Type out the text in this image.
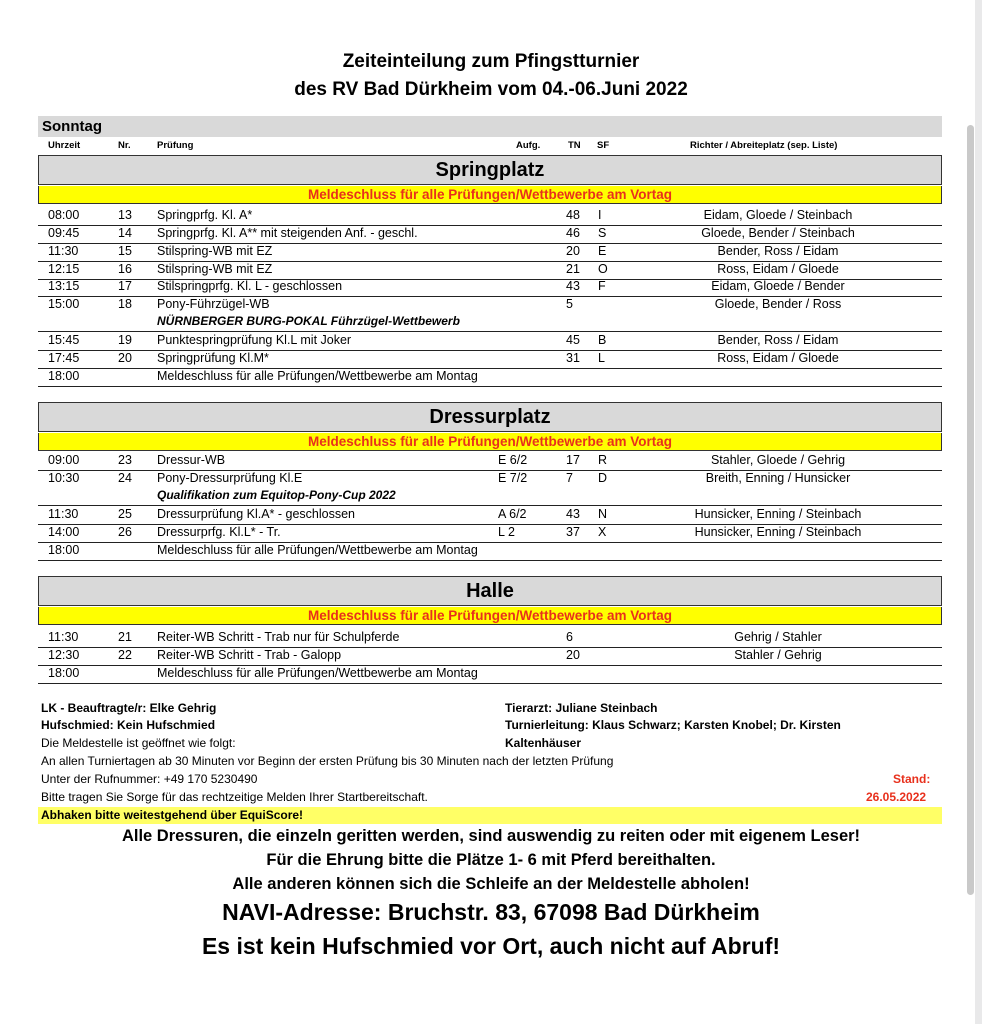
Zeiteinteilung zum Pfingstturnier
des RV Bad Dürkheim vom 04.-06.Juni 2022
Sonntag
Uhrzeit	Nr.	Prüfung	Aufg.	TN SF	Richter / Abreiteplatz (sep. Liste)
Springplatz
Meldeschluss für alle Prüfungen/Wettbewerbe am Vortag
08:00	13 Springprfg. Kl. A*	48 I	Eidam, Gloede / Steinbach
09:45	14 Springprfg. Kl. A** mit steigenden Anf. - geschl.	46 S	Gloede, Bender / Steinbach
11:30	15 Stilspring-WB mit EZ	20 E	Bender, Ross / Eidam
12:15	16 Stilspring-WB mit EZ	21 O	Ross, Eidam / Gloede
13:15	17 Stilspringprfg. Kl. L - geschlossen	43 F	Eidam, Gloede / Bender
15:00	18 Pony-Führzügel-WB	5	Gloede, Bender / Ross
NÜRNBERGER BURG-POKAL Führzügel-Wettbewerb
15:45	19 Punktespringprüfung Kl.L mit Joker	45 B	Bender, Ross / Eidam
17:45	20 Springprüfung Kl.M*	31 L	Ross, Eidam / Gloede
18:00	Meldeschluss für alle Prüfungen/Wettbewerbe am Montag
Dressurplatz
Meldeschluss für alle Prüfungen/Wettbewerbe am Vortag
09:00	23 Dressur-WB	E 6/2	17 R	Stahler, Gloede / Gehrig
10:30	24 Pony-Dressurprüfung Kl.E	E 7/2	7 D	Breith, Enning / Hunsicker
Qualifikation zum Equitop-Pony-Cup 2022
11:30	25 Dressurprüfung Kl.A* - geschlossen	A 6/2	43 N	Hunsicker, Enning / Steinbach
14:00	26 Dressurprfg. Kl.L* - Tr.	L 2	37 X	Hunsicker, Enning / Steinbach
18:00	Meldeschluss für alle Prüfungen/Wettbewerbe am Montag
Halle
Meldeschluss für alle Prüfungen/Wettbewerbe am Vortag
11:30	21 Reiter-WB Schritt - Trab nur für Schulpferde	6	Gehrig / Stahler
12:30	22 Reiter-WB Schritt - Trab - Galopp	20	Stahler / Gehrig
18:00	Meldeschluss für alle Prüfungen/Wettbewerbe am Montag
LK - Beauftragte/r: Elke Gehrig
Hufschmied: Kein Hufschmied
Die Meldestelle ist geöffnet wie folgt:
An allen Turniertagen ab 30 Minuten vor Beginn der ersten Prüfung bis 30 Minuten nach der letzten Prüfung
Unter der Rufnummer: +49 170 5230490
Bitte tragen Sie Sorge für das rechtzeitige Melden Ihrer Startbereitschaft.
Tierarzt: Juliane Steinbach
Turnierleitung: Klaus Schwarz; Karsten Knobel; Dr. Kirsten
Kaltenhäuser
Stand:
26.05.2022
Abhaken bitte weitestgehend über EquiScore!
Alle Dressuren, die einzeln geritten werden, sind auswendig zu reiten oder mit eigenem Leser!
Für die Ehrung bitte die Plätze 1- 6 mit Pferd bereithalten.
Alle anderen können sich die Schleife an der Meldestelle abholen!
NAVI-Adresse: Bruchstr. 83, 67098 Bad Dürkheim
Es ist kein Hufschmied vor Ort, auch nicht auf Abruf!
